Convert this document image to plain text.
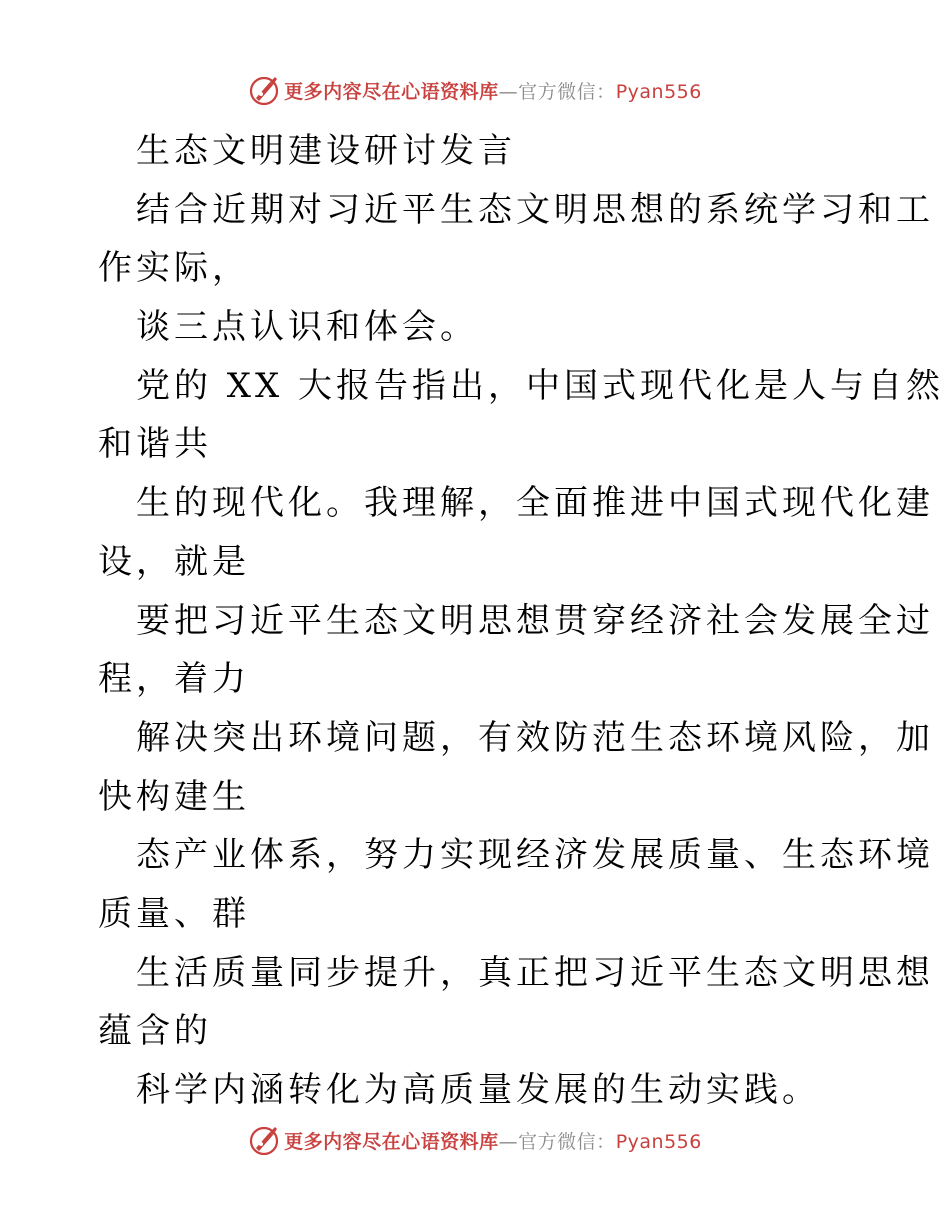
更多内容尽在心语资料库—官方微信：Pyan556
生态文明建设研讨发言
结合近期对习近平生态文明思想的系统学习和工
作实际，
谈三点认识和体会。
党的 XX 大报告指出，中国式现代化是人与自然
和谐共
生的现代化。我理解，全面推进中国式现代化建
设，就是
要把习近平生态文明思想贯穿经济社会发展全过
程，着力
解决突出环境问题，有效防范生态环境风险，加
快构建生
态产业体系，努力实现经济发展质量、生态环境
质量、群
生活质量同步提升，真正把习近平生态文明思想
蕴含的
科学内涵转化为高质量发展的生动实践。
更多内容尽在心语资料库—官方微信：Pyan556
